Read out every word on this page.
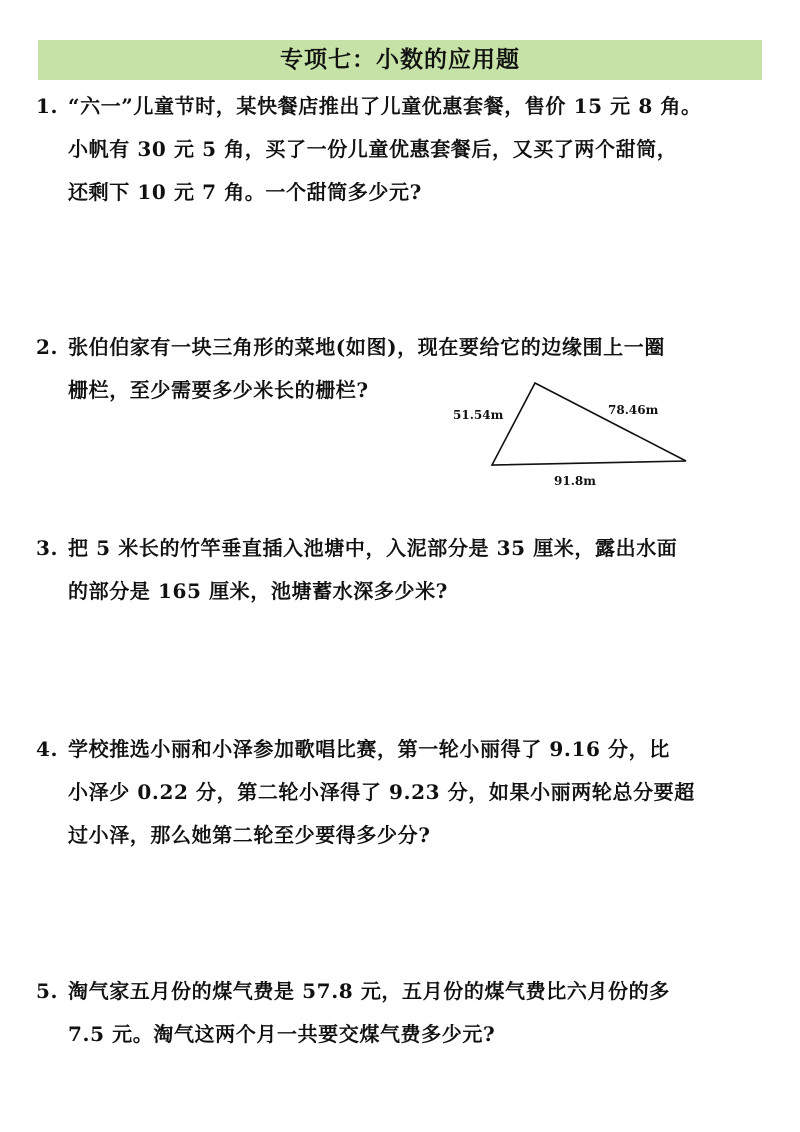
专项七：小数的应用题
1. “六一”儿童节时，某快餐店推出了儿童优惠套餐，售价 15 元 8 角。
小帆有 30 元 5 角，买了一份儿童优惠套餐后，又买了两个甜筒，
还剩下 10 元 7 角。一个甜筒多少元?
2. 张伯伯家有一块三角形的菜地(如图)，现在要给它的边缘围上一圈
栅栏，至少需要多少米长的栅栏?
51.54m	78.46m
91.8m
3. 把 5 米长的竹竿垂直插入池塘中，入泥部分是 35 厘米，露出水面
的部分是 165 厘米，池塘蓄水深多少米?
4. 学校推选小丽和小泽参加歌唱比赛，第一轮小丽得了 9.16 分，比
小泽少 0.22 分，第二轮小泽得了 9.23 分，如果小丽两轮总分要超
过小泽，那么她第二轮至少要得多少分?
5. 淘气家五月份的煤气费是 57.8 元，五月份的煤气费比六月份的多
7.5 元。淘气这两个月一共要交煤气费多少元?
